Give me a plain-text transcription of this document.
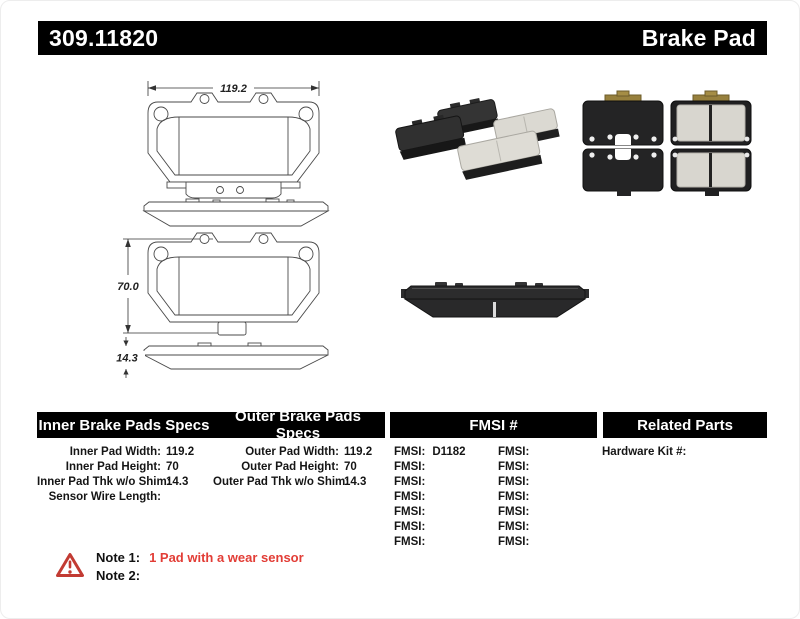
309.11820	Brake Pad
119.2
70.0
14.3
Inner Brake Pads Specs	Outer Brake Pads Specs	FMSI #	Related Parts
Inner Pad Width: 119.2
Inner Pad Height: 70
Inner Pad Thk w/o Shim:
14.3
Sensor Wire Length:
Outer Pad Width: 119.2
Outer Pad Height: 70
Outer Pad Thk w/o Shim:
14.3
FMSI: D1182
FMSI:
FMSI:
FMSI:
FMSI:
FMSI:
FMSI:
FMSI:
FMSI:
FMSI:
FMSI:
FMSI:
FMSI:
FMSI:
Hardware Kit #:
Note 1: 1 Pad with a wear sensor
Note 2:
